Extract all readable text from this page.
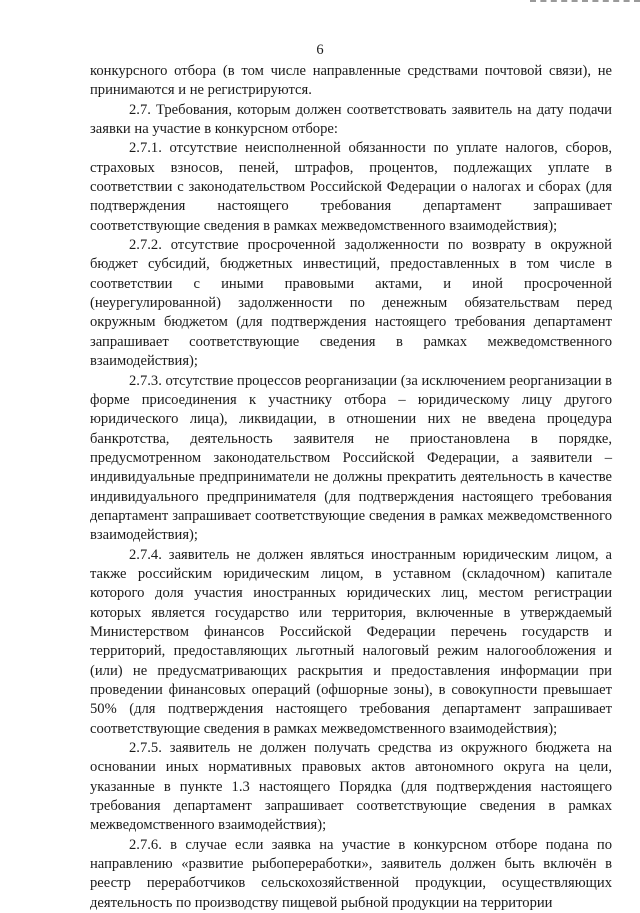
6

конкурсного отбора (в том числе направленные средствами почтовой связи), не принимаются и не регистрируются.

2.7. Требования, которым должен соответствовать заявитель на дату подачи заявки на участие в конкурсном отборе:

2.7.1. отсутствие неисполненной обязанности по уплате налогов, сборов, страховых взносов, пеней, штрафов, процентов, подлежащих уплате в соответствии с законодательством Российской Федерации о налогах и сборах (для подтверждения настоящего требования департамент запрашивает соответствующие сведения в рамках межведомственного взаимодействия);

2.7.2. отсутствие просроченной задолженности по возврату в окружной бюджет субсидий, бюджетных инвестиций, предоставленных в том числе в соответствии с иными правовыми актами, и иной просроченной (неурегулированной) задолженности по денежным обязательствам перед окружным бюджетом (для подтверждения настоящего требования департамент запрашивает соответствующие сведения в рамках межведомственного взаимодействия);

2.7.3. отсутствие процессов реорганизации (за исключением реорганизации в форме присоединения к участнику отбора – юридическому лицу другого юридического лица), ликвидации, в отношении них не введена процедура банкротства, деятельность заявителя не приостановлена в порядке, предусмотренном законодательством Российской Федерации, а заявители – индивидуальные предприниматели не должны прекратить деятельность в качестве индивидуального предпринимателя (для подтверждения настоящего требования департамент запрашивает соответствующие сведения в рамках межведомственного взаимодействия);

2.7.4. заявитель не должен являться иностранным юридическим лицом, а также российским юридическим лицом, в уставном (складочном) капитале которого доля участия иностранных юридических лиц, местом регистрации которых является государство или территория, включенные в утверждаемый Министерством финансов Российской Федерации перечень государств и территорий, предоставляющих льготный налоговый режим налогообложения и (или) не предусматривающих раскрытия и предоставления информации при проведении финансовых операций (офшорные зоны), в совокупности превышает 50% (для подтверждения настоящего требования департамент запрашивает соответствующие сведения в рамках межведомственного взаимодействия);

2.7.5. заявитель не должен получать средства из окружного бюджета на основании иных нормативных правовых актов автономного округа на цели, указанные в пункте 1.3 настоящего Порядка (для подтверждения настоящего требования департамент запрашивает соответствующие сведения в рамках межведомственного взаимодействия);

2.7.6. в случае если заявка на участие в конкурсном отборе подана по направлению «развитие рыбопереработки», заявитель должен быть включён в реестр переработчиков сельскохозяйственной продукции, осуществляющих деятельность по производству пищевой рыбной продукции на территории
